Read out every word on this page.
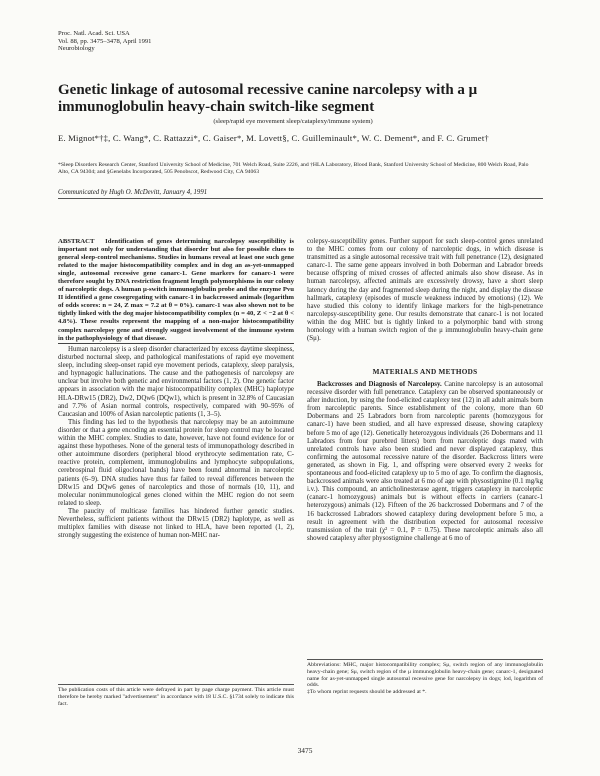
Proc. Natl. Acad. Sci. USA
Vol. 88, pp. 3475–3478, April 1991
Neurobiology
Genetic linkage of autosomal recessive canine narcolepsy with a μ immunoglobulin heavy-chain switch-like segment
(sleep/rapid eye movement sleep/cataplexy/immune system)
E. Mignot*†‡, C. Wang*, C. Rattazzi*, C. Gaiser*, M. Lovett§, C. Guilleminault*, W. C. Dement*, and F. C. Grumet†
*Sleep Disorders Research Center, Stanford University School of Medicine, 701 Welch Road, Suite 2226, and †HLA Laboratory, Blood Bank, Stanford University School of Medicine, 800 Welch Road, Palo Alto, CA 94304; and §Genelabs Incorporated, 505 Penobscot, Redwood City, CA 94063
Communicated by Hugh O. McDevitt, January 4, 1991
ABSTRACT Identification of genes determining narcolepsy susceptibility is important not only for understanding that disorder but also for possible clues to general sleep-control mechanisms. Studies in humans reveal at least one such gene related to the major histocompatibility complex and in dog an as-yet-unmapped single, autosomal recessive gene canarc-1. Gene markers for canarc-1 were therefore sought by DNA restriction fragment length polymorphisms in our colony of narcoleptic dogs. A human μ-switch immunoglobulin probe and the enzyme Pvu II identified a gene cosegregating with canarc-1 in backcrossed animals (logarithm of odds scores: n = 24, Z max = 7.2 at θ = 0%). canarc-1 was also shown not to be tightly linked with the dog major histocompatibility complex (n = 40, Z < −2 at θ < 4.8%). These results represent the mapping of a non-major histocompatibility complex narcolepsy gene and strongly suggest involvement of the immune system in the pathophysiology of that disease.

Human narcolepsy is a sleep disorder characterized by excess daytime sleepiness, disturbed nocturnal sleep, and pathological manifestations of rapid eye movement sleep, including sleep-onset rapid eye movement periods, cataplexy, sleep paralysis, and hypnagogic hallucinations. The cause and the pathogenesis of narcolepsy are unclear but involve both genetic and environmental factors (1, 2). One genetic factor appears in association with the major histocompatibility complex (MHC) haplotype HLA-DRw15 (DR2), Dw2, DQw6 (DQw1), which is present in 32.8% of Caucasian and 7.7% of Asian normal controls, respectively, compared with 90–95% of Caucasian and 100% of Asian narcoleptic patients (1, 3–5).

This finding has led to the hypothesis that narcolepsy may be an autoimmune disorder or that a gene encoding an essential protein for sleep control may be located within the MHC complex. Studies to date, however, have not found evidence for or against these hypotheses. None of the general tests of immunopathology described in other autoimmune disorders (peripheral blood erythrocyte sedimentation rate, C-reactive protein, complement, immunoglobulins and lymphocyte subpopulations, cerebrospinal fluid oligoclonal bands) have been found abnormal in narcoleptic patients (6–9). DNA studies have thus far failed to reveal differences between the DRw15 and DQw6 genes of narcoleptics and those of normals (10, 11), and molecular nonimmunological genes cloned within the MHC region do not seem related to sleep.

The paucity of multicase families has hindered further genetic studies. Nevertheless, sufficient patients without the DRw15 (DR2) haplotype, as well as multiplex families with disease not linked to HLA, have been reported (1, 2), strongly suggesting the existence of human non-MHC nar-

The publication costs of this article were defrayed in part by page charge payment. This article must therefore be hereby marked "advertisement" in accordance with 18 U.S.C. §1734 solely to indicate this fact.

colepsy-susceptibility genes. Further support for such sleep-control genes unrelated to the MHC comes from our colony of narcoleptic dogs, in which disease is transmitted as a single autosomal recessive trait with full penetrance (12), designated canarc-1. The same gene appears involved in both Doberman and Labrador breeds because offspring of mixed crosses of affected animals also show disease. As in human narcolepsy, affected animals are excessively drowsy, have a short sleep latency during the day and fragmented sleep during the night, and display the disease hallmark, cataplexy (episodes of muscle weakness induced by emotions) (12). We have studied this colony to identify linkage markers for the high-penetrance narcolepsy-susceptibility gene. Our results demonstrate that canarc-1 is not located within the dog MHC but is tightly linked to a polymorphic band with strong homology with a human switch region of the μ immunoglobulin heavy-chain gene (Sμ).

MATERIALS AND METHODS

Backcrosses and Diagnosis of Narcolepsy. Canine narcolepsy is an autosomal recessive disorder with full penetrance. Cataplexy can be observed spontaneously or after induction, by using the food-elicited cataplexy test (12) in all adult animals born from narcoleptic parents. Since establishment of the colony, more than 60 Dobermans and 25 Labradors born from narcoleptic parents (homozygous for canarc-1) have been studied, and all have expressed disease, showing cataplexy before 5 mo of age (12). Genetically heterozygous individuals (26 Dobermans and 11 Labradors from four purebred litters) born from narcoleptic dogs mated with unrelated controls have also been studied and never displayed cataplexy, thus confirming the autosomal recessive nature of the disorder. Backcross litters were generated, as shown in Fig. 1, and offspring were observed every 2 weeks for spontaneous and food-elicited cataplexy up to 5 mo of age. To confirm the diagnosis, backcrossed animals were also treated at 6 mo of age with physostigmine (0.1 mg/kg i.v.). This compound, an anticholinesterase agent, triggers cataplexy in narcoleptic (canarc-1 homozygous) animals but is without effects in carriers (canarc-1 heterozygous) animals (12). Fifteen of the 26 backcrossed Dobermans and 7 of the 16 backcrossed Labradors showed cataplexy during development before 5 mo, a result in agreement with the distribution expected for autosomal recessive transmission of the trait (χ² = 0.1, P = 0.75). These narcoleptic animals also all showed cataplexy after physostigmine challenge at 6 mo of

Abbreviations: MHC, major histocompatibility complex; Sμ, switch region of any immunoglobulin heavy-chain gene; Sμ, switch region of the μ immunoglobulin heavy-chain gene; canarc-1, designated name for as-yet-unmapped single autosomal recessive gene for narcolepsy in dogs; lod, logarithm of odds.
‡To whom reprint requests should be addressed at *.
3475
